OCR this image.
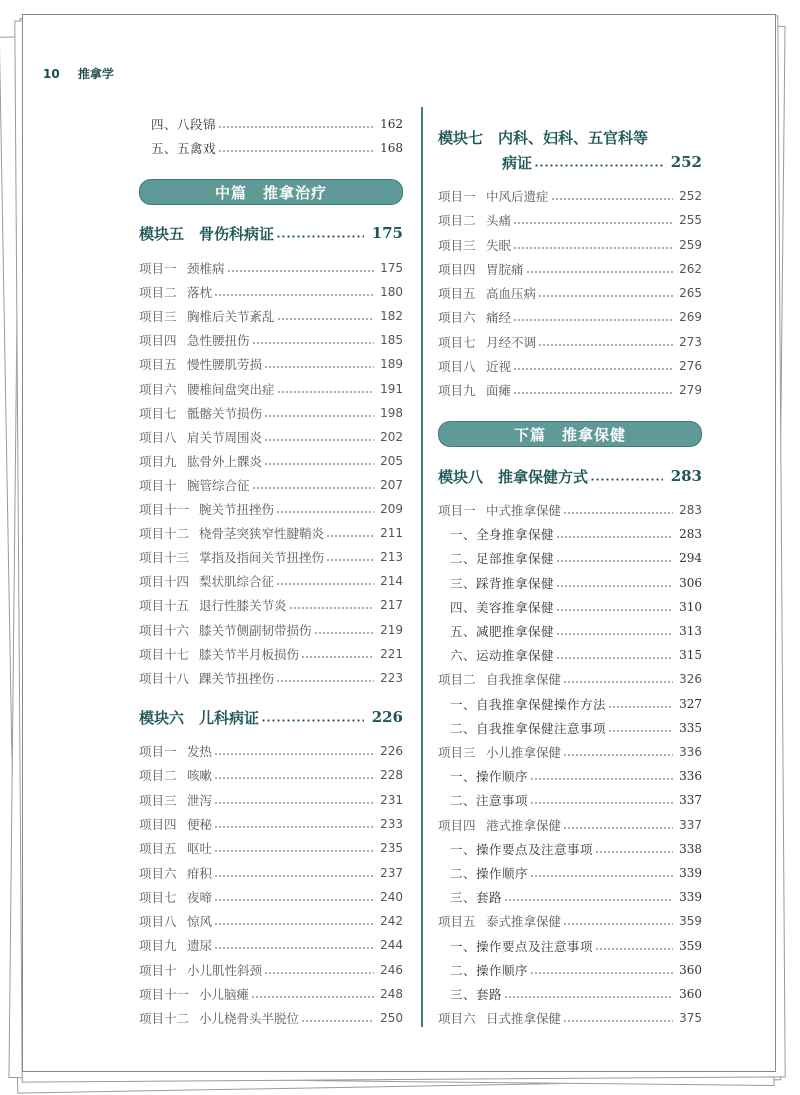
10 推拿学
四、八段锦	162
五、五禽戏	168
中篇　推拿治疗
模块五　骨伤科病证	175
项目一 颈椎病	175
项目二 落枕	180
项目三 胸椎后关节紊乱	182
项目四 急性腰扭伤	185
项目五 慢性腰肌劳损	189
项目六 腰椎间盘突出症	191
项目七 骶髂关节损伤	198
项目八 肩关节周围炎	202
项目九 肱骨外上髁炎	205
项目十 腕管综合征	207
项目十一 腕关节扭挫伤	209
项目十二 桡骨茎突狭窄性腱鞘炎	211
项目十三 掌指及指间关节扭挫伤	213
项目十四 梨状肌综合征	214
项目十五 退行性膝关节炎	217
项目十六 膝关节侧副韧带损伤	219
项目十七 膝关节半月板损伤	221
项目十八 踝关节扭挫伤	223
模块六　儿科病证	226
项目一 发热	226
项目二 咳嗽	228
项目三 泄泻	231
项目四 便秘	233
项目五 呕吐	235
项目六 疳积	237
项目七 夜啼	240
项目八 惊风	242
项目九 遗尿	244
项目十 小儿肌性斜颈	246
项目十一 小儿脑瘫	248
项目十二 小儿桡骨头半脱位	250
模块七　内科、妇科、五官科等
病证	252
项目一 中风后遗症	252
项目二 头痛	255
项目三 失眠	259
项目四 胃脘痛	262
项目五 高血压病	265
项目六 痛经	269
项目七 月经不调	273
项目八 近视	276
项目九 面瘫	279
下篇　推拿保健
模块八　推拿保健方式	283
项目一 中式推拿保健	283
一、全身推拿保健	283
二、足部推拿保健	294
三、踩背推拿保健	306
四、美容推拿保健	310
五、减肥推拿保健	313
六、运动推拿保健	315
项目二 自我推拿保健	326
一、自我推拿保健操作方法	327
二、自我推拿保健注意事项	335
项目三 小儿推拿保健	336
一、操作顺序	336
二、注意事项	337
项目四 港式推拿保健	337
一、操作要点及注意事项	338
二、操作顺序	339
三、套路	339
项目五 泰式推拿保健	359
一、操作要点及注意事项	359
二、操作顺序	360
三、套路	360
项目六 日式推拿保健	375
